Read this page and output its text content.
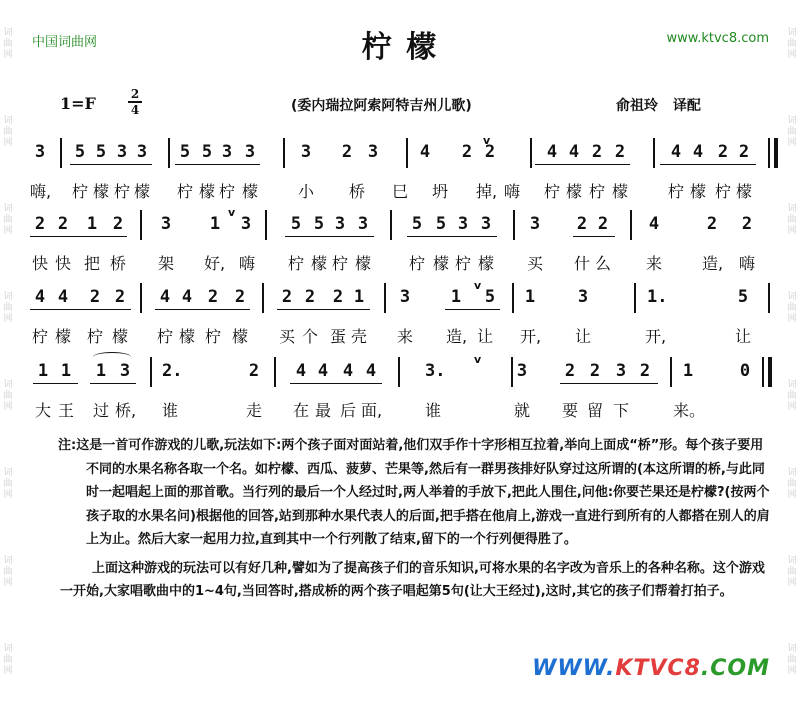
词
曲
网
词
曲
网
词
曲
网
词
曲
网
词
曲
网
词
曲
网
词
曲
网
词
曲
网
词
曲
网
词
曲
网
词
曲
网
词
曲
网
词
曲
网
词
曲
网
词
曲
网
词
曲
网
中国词曲网	www.ktvc8.com
柠 檬
1=F	2
4	(委内瑞拉阿索阿特吉州儿歌)	俞祖玲 译配
3 5 5 3 3 5 5 3 3	3 2 3 4 2 2	4 4 2 2	4 4 2 2
v
嗨, 柠 檬 柠 檬 柠 檬 柠 檬 小 桥 巳 坍 掉, 嗨 柠 檬 柠 檬 柠 檬 柠 檬
2 2 1 2 3 1 3 5 5 3 3	5 5 3 3 3 2 2 4	2 2
v
快 快 把 桥 架 好, 嗨 柠 檬 柠 檬 柠 檬 柠 檬 买 什 么 来	造, 嗨
4 4 2 2 4 4 2 2 2 2 2 1 3 1 5 1	3	1.	5
v
柠 檬 柠 檬 柠 檬 柠 檬 买 个 蛋 壳 来 造, 让 开, 让	开,	让
1 1 1 3 2.	2 4 4 4 4	3.	3 2 2 3 2 1	0
v
大 王 过 桥, 谁	走 在 最 后 面,	谁	就 要 留 下	来。

注:这是一首可作游戏的儿歌,玩法如下:两个孩子面对面站着,他们双手作十字形相互拉着,举向上面成“桥”形。每个孩子要用不同的水果名称各取一个名。如柠檬、西瓜、菠萝、芒果等,然后有一群男孩排好队穿过这所谓的(本这所谓的桥,与此同时一起唱起上面的那首歌。当行列的最后一个人经过时,两人举着的手放下,把此人围住,问他:你要芒果还是柠檬?(按两个孩子取的水果名问)根据他的回答,站到那种水果代表人的后面,把手搭在他肩上,游戏一直进行到所有的人都搭在别人的肩上为止。然后大家一起用力拉,直到其中一个行列散了结束,留下的一个行列便得胜了。

上面这种游戏的玩法可以有好几种,譬如为了提高孩子们的音乐知识,可将水果的名字改为音乐上的各种名称。这个游戏一开始,大家唱歌曲中的1~4句,当回答时,搭成桥的两个孩子唱起第5句(让大王经过),这时,其它的孩子们帮着打拍子。

WWW.KTVC8.COM
